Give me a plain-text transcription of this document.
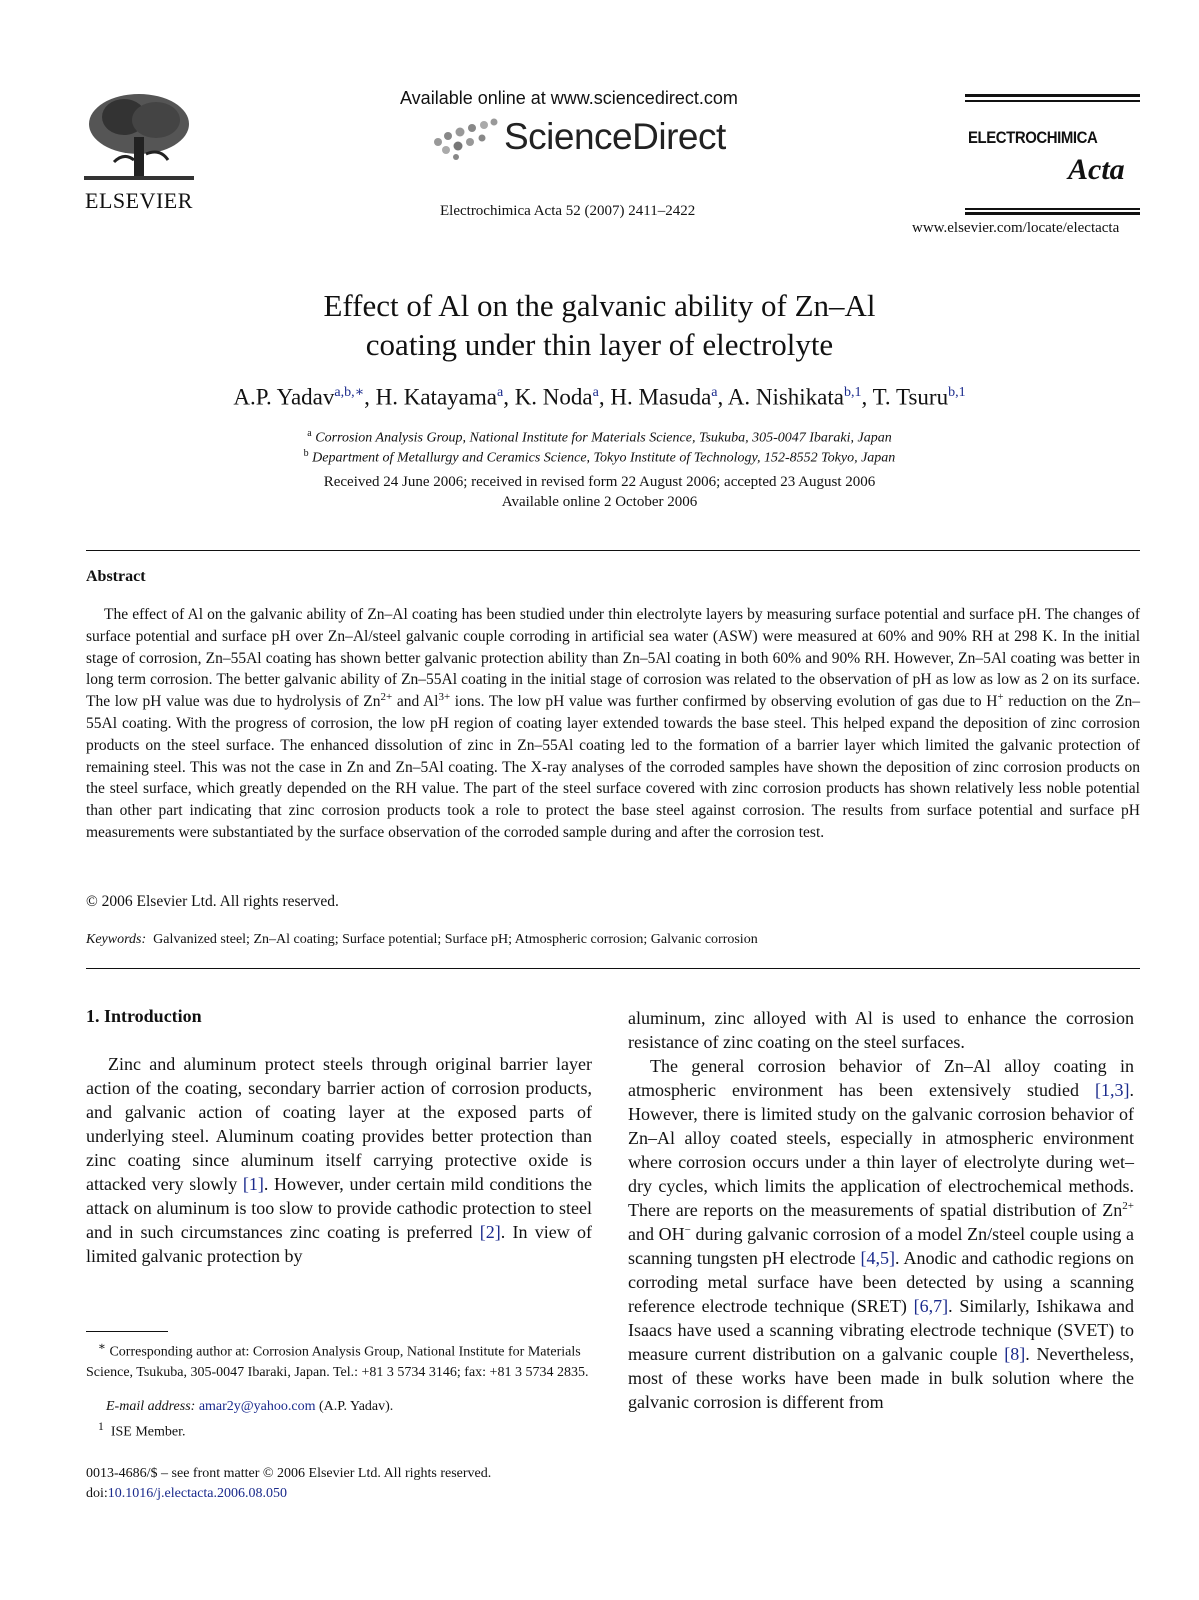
ELSEVIER
Available online at www.sciencedirect.com
ScienceDirect
Electrochimica Acta 52 (2007) 2411–2422
ELECTROCHIMICA
Acta
www.elsevier.com/locate/electacta
Effect of Al on the galvanic ability of Zn–Al
coating under thin layer of electrolyte
A.P. Yadav$^{a,b,∗}$, H. Katayama$^a$, K. Noda$^a$, H. Masuda$^a$, A. Nishikata$^{b,1}$, T. Tsuru$^{b,1}$
$^a$ Corrosion Analysis Group, National Institute for Materials Science, Tsukuba, 305-0047 Ibaraki, Japan
$^b$ Department of Metallurgy and Ceramics Science, Tokyo Institute of Technology, 152-8552 Tokyo, Japan
Received 24 June 2006; received in revised form 22 August 2006; accepted 23 August 2006
Available online 2 October 2006
Abstract
The effect of Al on the galvanic ability of Zn–Al coating has been studied under thin electrolyte layers by measuring surface potential and surface pH. The changes of surface potential and surface pH over Zn–Al/steel galvanic couple corroding in artificial sea water (ASW) were measured at 60% and 90% RH at 298 K. In the initial stage of corrosion, Zn–55Al coating has shown better galvanic protection ability than Zn–5Al coating in both 60% and 90% RH. However, Zn–5Al coating was better in long term corrosion. The better galvanic ability of Zn–55Al coating in the initial stage of corrosion was related to the observation of pH as low as low as 2 on its surface. The low pH value was due to hydrolysis of $Zn^{2+}$ and $Al^{3+}$ ions. The low pH value was further confirmed by observing evolution of gas due to H+ reduction on the Zn–55Al coating. With the progress of corrosion, the low pH region of coating layer extended towards the base steel. This helped expand the deposition of zinc corrosion products on the steel surface. The enhanced dissolution of zinc in Zn–55Al coating led to the formation of a barrier layer which limited the galvanic protection of remaining steel. This was not the case in Zn and Zn–5Al coating. The X-ray analyses of the corroded samples have shown the deposition of zinc corrosion products on the steel surface, which greatly depended on the RH value. The part of the steel surface covered with zinc corrosion products has shown relatively less noble potential than other part indicating that zinc corrosion products took a role to protect the base steel against corrosion. The results from surface potential and surface pH measurements were substantiated by the surface observation of the corroded sample during and after the corrosion test.
© 2006 Elsevier Ltd. All rights reserved.
Keywords: Galvanized steel; Zn–Al coating; Surface potential; Surface pH; Atmospheric corrosion; Galvanic corrosion
1. Introduction
Zinc and aluminum protect steels through original barrier layer action of the coating, secondary barrier action of corrosion products, and galvanic action of coating layer at the exposed parts of underlying steel. Aluminum coating provides better protection than zinc coating since aluminum itself carrying protective oxide is attacked very slowly [1]. However, under certain mild conditions the attack on aluminum is too slow to provide cathodic protection to steel and in such circumstances zinc coating is preferred [2]. In view of limited galvanic protection by
∗ Corresponding author at: Corrosion Analysis Group, National Institute for Materials Science, Tsukuba, 305-0047 Ibaraki, Japan. Tel.: +81 3 5734 3146; fax: +81 3 5734 2835.
E-mail address: amar2y@yahoo.com (A.P. Yadav).
$^1$ ISE Member.
0013-4686/$ – see front matter © 2006 Elsevier Ltd. All rights reserved.
doi:10.1016/j.electacta.2006.08.050

aluminum, zinc alloyed with Al is used to enhance the corrosion resistance of zinc coating on the steel surfaces.

The general corrosion behavior of Zn–Al alloy coating in atmospheric environment has been extensively studied [1,3]. However, there is limited study on the galvanic corrosion behavior of Zn–Al alloy coated steels, especially in atmospheric environment where corrosion occurs under a thin layer of electrolyte during wet–dry cycles, which limits the application of electrochemical methods. There are reports on the measurements of spatial distribution of $Zn^{2+}$ and OH− during galvanic corrosion of a model Zn/steel couple using a scanning tungsten pH electrode [4,5]. Anodic and cathodic regions on corroding metal surface have been detected by using a scanning reference electrode technique (SRET) [6,7]. Similarly, Ishikawa and Isaacs have used a scanning vibrating electrode technique (SVET) to measure current distribution on a galvanic couple [8]. Nevertheless, most of these works have been made in bulk solution where the galvanic corrosion is different from
